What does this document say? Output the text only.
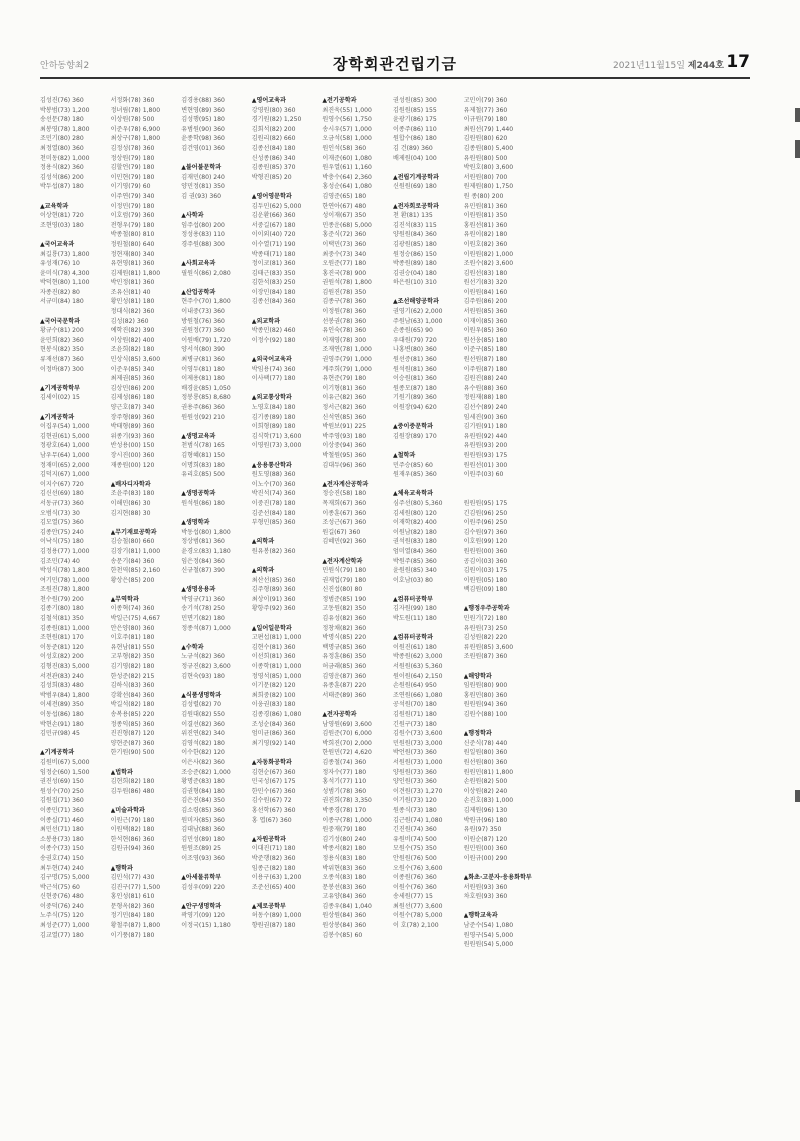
안하동향최2	장학회관건립기금	2021년11월15일 제244호 17
김성진(76) 360
박봉범(73) 1,200
송선문(78) 180
최봉영(78) 1,800
조민기(80) 280
최정열(80) 360
천미동(82) 1,000
정용식(82) 360
김성석(86) 200
박두섭(87) 180
▲교육학과
이상현(81) 720
조현영(03) 180
▲국어교육과
최길룡(73) 1,800
유성재(76) 10
윤미식(78) 4,300
박덕현(80) 1,100
자종진(82) 80
서규미(84) 180
▲국어국문학과
황규수(81) 200
윤민희(82) 360
현봉식(82) 350
류재선(87) 360
이정바(87) 300
▲기계공학학부
김세이(02) 15
▲기계공학과
이집우(54) 1,000
김현권(61) 5,000
정광호(64) 1,000
남우무(64) 1,000
정재미(65) 2,000
김덕지(67) 1,000
이지수(67) 720
김신선(69) 180
서동규(73) 360
오범식(73) 30
김모열(75) 360
김종안(75) 240
이낙식(75) 180
김정용(77) 1,000
김조민(74) 40
박성식(78) 1,800
여기민(78) 1,000
조원진(78) 1,800
천수원(79) 200
김종기(80) 180
김철석(81) 350
김종원(81) 1,000
조현원(81) 170
이동준(81) 120
이성호(82) 200
김형진(83) 5,000
서전관(83) 240
김성희(83) 480
박범우(84) 1,800
이세전(89) 350
이동섭(86) 180
박현손(91) 180
김민규(98) 45
▲기계공학과
김원비(67) 5,000
임정순(60) 1,500
권진성(69) 150
원성수(70) 250
김원집(71) 360
이종민(71) 360
이종실(71) 460
최민선(71) 180
소봉용(73) 180
이종수(73) 150
송권호(74) 150
최두현(74) 240
김구명(75) 5,000
박근석(75) 60
신현중(76) 480
이중덕(76) 240
노주식(75) 120
최성준(77) 1,000
김교열(77) 180
서정화(78) 360
정녀림(78) 1,800
이상원(78) 500
이준우(78) 6,900
최상구(78) 1,800
김정성(78) 360
정상원(79) 180
김할언(79) 180
이민현(79) 180
이기영(79) 60
이주연(79) 340
이정민(79) 180
이호럼(79) 360
전형우(79) 180
박종철(80) 810
정원철(80) 640
정현재(80) 340
유현영(81) 360
김제원(81) 1,800
박민정(81) 360
조유신(81) 40
황민성(81) 180
정대식(82) 360
김성(82) 360
예학진(82) 390
이상원(82) 400
조윤희(82) 180
민상식(85) 3,600
이준우(85) 340
최제권(85) 360
김상민(86) 200
김제성(86) 180
양근호(87) 340
장주형(89) 360
박태형(89) 360
위종기(93) 360
반성용(00) 150
장시진(00) 360
재종원(00) 120
▲배자디자학과
조윤주(83) 180
이해민(86) 30
김지현(88) 30
▲무기재료공학과
김승철(80) 660
김장기(81) 1,000
송문기(84) 360
한천역(85) 2,160
황상은(85) 200
▲무역학과
이종혁(74) 360
박일근(75) 4,667
안은양(80) 360
이호주(81) 180
유현남(81) 550
고부형(82) 350
김기영(82) 180
한성준(82) 215
김하식(83) 360
강확선(84) 360
박길석(82) 180
송복용(85) 220
정종익(85) 360
진진형(87) 120
양현준(87) 360
한기원(90) 500
▲법학과
김현희(82) 180
김두원(86) 480
▲미술과학과
이원근(79) 180
이원택(82) 180
한석현(86) 360
김원규(94) 360
▲행학과
김민석(77) 430
김진구(77) 1,500
홍인성(81) 610
문형옥(82) 360
정기민(84) 180
황철주(87) 1,800
이기풍(87) 180
김경용(88) 360
변현영(89) 360
김성행(95) 180
유범원(90) 360
윤종학(98) 360
김건영(01) 360
▲불어불문학과
김재민(80) 240
양민정(81) 350
김 권(93) 360
▲사학과
임주섭(80) 200
정성용(83) 110
경주원(88) 300
▲사회교육과
필원식(86) 2,080
▲산업공학과
현주수(70) 1,800
이내중(73) 360
방원철(76) 360
권원정(77) 360
이원배(79) 1,720
양서석(80) 390
최병규(81) 360
이영두(81) 180
이제용(81) 180
배경윤(85) 1,050
정봉룡(85) 8,680
권용주(86) 360
원원성(92) 210
▲생명교육과
천범식(78) 165
김형혜(81) 150
이명희(83) 180
유리호(85) 500
▲생명공학과
원석원(86) 180
▲생명학과
박동섭(80) 1,800
정상범(81) 360
윤경오(83) 1,180
임은정(84) 360
신규철(87) 390
▲생명응용과
박영규(71) 360
송기석(78) 250
민면기(82) 180
정종석(87) 1,000
▲수학과
노규석(82) 360
정규진(82) 3,600
김현숙(93) 180
▲식품생명학과
김성렬(82) 70
김원대(82) 550
이결선(82) 360
위진연(82) 340
김영석(82) 180
이수한(82) 120
이은사(82) 360
조승준(82) 1,000
황명준(83) 180
김권형(84) 180
김은진(84) 350
김소령(85) 360
원미자(85) 360
김대남(88) 360
김민성(89) 180
원원조(89) 25
이조영(93) 360
▲아세물류학부
김성우(09) 220
▲안구생명학과
곽영기(09) 120
이정국(15) 1,180
▲영어교육과
강영원(80) 360
경기원(82) 1,250
김회석(82) 200
김원리(82) 660
김종선(84) 180
신성종(86) 340
김종원(85) 370
박형진(85) 20
▲영어영문학과
김두민(62) 5,000
김운환(66) 360
서중길(67) 180
이이외(40) 720
이수열(71) 190
박종태(71) 180
정이코(81) 360
김태근(83) 350
김한석(83) 250
이장민(84) 180
김종선(84) 360
▲외교학과
박종민(82) 460
이정수(92) 180
▲외국어교육과
박임용(74) 360
이사팩(77) 180
▲외교통상학과
노영호(84) 180
김기종(89) 180
이희형(89) 180
김식학(71) 3,600
이영원(73) 3,000
▲응용통산학과
원도영(88) 360
이노수(70) 360
박진석(74) 360
이중진(78) 180
김준선(84) 180
부형민(85) 360
▲의학과
원유봉(82) 360
▲의학과
최산선(85) 360
김주형(89) 360
최상이(91) 360
황항주(92) 360
▲일어일문학과
고편섭(81) 1,000
김현수(81) 360
이선희(81) 360
이종학(81) 1,000
정영석(85) 1,000
이기문(82) 120
최희중(82) 100
이웅권(83) 180
김종경(86) 1,080
조성순(84) 360
엄미균(86) 360
최기영(92) 140
▲자동화공학과
김현순(67) 360
민국성(67) 175
한민수(67) 360
김수원(67) 72
홍선학(67) 360
홍 엽(67) 360
▲자원공학과
이대진(71) 180
박준행(82) 360
임종근(82) 180
이용구(63) 1,200
조준선(65) 400
▲제로공학부
허동수(89) 1,000
향원권(87) 180
▲전기공학과
최진욱(55) 1,000
원영수(56) 1,750
송시우(57) 1,000
오금석(58) 1,000
원인석(58) 360
이재준(60) 1,080
원우열(61) 1,160
박충수(64) 2,360
홍성순(64) 1,080
김영준(65) 180
한연아(67) 480
성이재(67) 350
민종운(68) 5,000
홍준식(72) 360
이택민(73) 360
최중수(73) 340
오원준(77) 180
홍진국(78) 900
권원석(78) 1,800
김원진(78) 350
김종구(78) 360
이정원(78) 360
선봉권(78) 360
유인숙(78) 360
이재영(78) 300
조재연(78) 1,000
권영주(79) 1,000
계주희(79) 1,000
유현준(79) 180
이기형(81) 360
이유근(82) 360
정서근(82) 360
신석연(85) 360
박원보(91) 225
박주영(93) 180
이상중(94) 360
박철원(95) 360
김대두(96) 360
▲전자계산공학과
정승진(58) 180
목재희(67) 360
이종훈(67) 360
조성근(67) 360
원길(67) 360
김혜민(92) 360
▲전자계산학과
민원식(79) 180
권재업(79) 180
신진섭(80) 80
정범준(85) 190
고동원(82) 350
김유성(82) 360
정창채(82) 360
박명식(85) 220
백명규(85) 360
유정훈(86) 350
허금래(85) 360
김영운(87) 360
유종훈(87) 220
서태준(89) 360
▲전자공학과
남영원(69) 3,600
김원준(70) 6,000
박희진(70) 2,000
한원민(72) 4,620
김종철(74) 360
정자수(77) 180
홍석기(77) 110
성범기(78) 360
권진희(78) 3,350
박종경(78) 170
이종구(78) 1,000
원중재(79) 180
김기성(80) 240
박종서(82) 180
정용식(83) 180
박위현(83) 360
오종석(83) 180
문봉선(83) 360
고유양(84) 360
김종우(84) 1,040
원상원(84) 360
원상봉(84) 360
김봉수(85) 60
권성원(85) 300
김원원(85) 155
윤광기(86) 175
이종주(86) 110
원합수(86) 180
김 건(89) 360
배제원(04) 100
▲전립기계공학과
신원원(69) 180
▲전자회로공학과
천 환(81) 135
김진석(83) 115
양원원(84) 360
김광원(85) 180
원정승(86) 150
박종원(89) 180
김권승(04) 180
하은원(10) 310
▲조선해양공학과
권영기(62) 2,000
주원남(63) 1,000
손종원(65) 90
우대원(79) 720
나홍변(80) 360
원선증(81) 360
원석원(81) 360
이승원(81) 360
원종모(87) 180
기원기(89) 360
이원장(94) 620
▲중이중문학과
김원장(89) 170
▲철학과
민주승(85) 60
원재우(85) 360
▲체육교육학과
심주선(80) 5,360
김세원(80) 120
이재학(82) 400
이원남(82) 180
권석원(83) 180
엄미열(84) 360
박원주(85) 360
윤원원(85) 340
이호남(03) 80
▲컴퓨터공학부
김자원(99) 180
박도원(11) 180
▲컴퓨터공학과
이원진(61) 180
박종원(62) 3,000
서원원(63) 5,360
원이원(64) 2,150
손원원(64) 950
조연원(66) 1,080
공석원(70) 180
김원원(71) 180
긴원구(73) 180
김원수(73) 3,600
민원원(73) 3,000
박언원(73) 360
서원원(73) 1,000
양원원(73) 360
양인원(73) 360
이견원(73) 1,270
이기원(73) 120
원종식(73) 180
김근원(74) 1,080
긴진원(74) 360
유원비(74) 500
모원수(75) 350
안원원(76) 500
오원수(76) 3,600
이종원(76) 360
이원수(76) 360
송세원(77) 15
최원선(77) 3,600
이원수(78) 5,000
이 호(78) 2,100
고민이(79) 360
유제철(77) 360
이규원(79) 180
최원선(79) 1,440
김원원(80) 620
김종원(80) 5,400
유원원(80) 500
박원호(80) 3,600
서원원(80) 700
원제원(80) 1,750
원 종(80) 200
유민원(81) 360
이원원(81) 350
홍원선(81) 360
유원이(82) 180
이원호(82) 360
이원원(82) 1,000
조원수(82) 3,600
김원선(83) 180
원선기(83) 320
이원원(84) 160
김주원(86) 200
서원원(85) 360
이재이(85) 360
이원우(85) 360
원선웅(85) 180
이준구(85) 180
원선원(87) 180
이주원(87) 180
김원진(88) 240
유수원(88) 360
정원재(88) 180
김선수(89) 240
임세진(90) 360
김기원(91) 180
유원원(92) 440
유원원(93) 200
원원원(93) 175
원원선(01) 300
이원주(03) 60
원원원(95) 175
긴김원(96) 250
이원주(96) 250
김수원(97) 360
이호원(99) 120
원원원(00) 360
공김이(03) 360
김원이(03) 175
이원원(05) 180
백김원(09) 180
▲행정우주공학과
민원기(72) 180
유원원(73) 250
김성원(82) 220
류원원(85) 3,600
조원원(87) 360
▲해양학과
임원원(80) 900
홍원민(80) 360
원원원(94) 360
김원수(88) 100
▲행정학과
신준식(78) 440
원일원(80) 360
원선원(80) 360
원원민(81) 1,800
손원원(82) 500
이상원(82) 240
손진호(83) 1,000
김제원(96) 130
박원규(96) 180
유원(97) 350
이원순(87) 120
원민원(00) 360
이원규(00) 290
▲화초·고분자·응용화학부
서원원(93) 360
차호원(93) 360
▲행학교육과
남준수(54) 1,080
원영구(54) 5,000
원원원(54) 5,000
